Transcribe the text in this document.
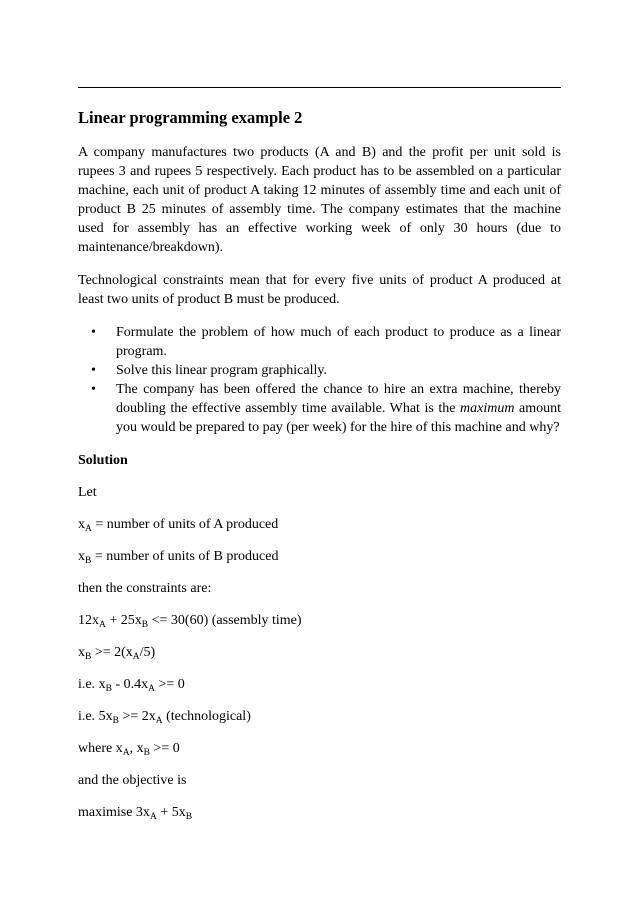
Linear programming example 2

A company manufactures two products (A and B) and the profit per unit sold is rupees 3 and rupees 5 respectively. Each product has to be assembled on a particular machine, each unit of product A taking 12 minutes of assembly time and each unit of product B 25 minutes of assembly time. The company estimates that the machine used for assembly has an effective working week of only 30 hours (due to maintenance/breakdown).

Technological constraints mean that for every five units of product A produced at least two units of product B must be produced.

• Formulate the problem of how much of each product to produce as a linear program.
• Solve this linear program graphically.
• The company has been offered the chance to hire an extra machine, thereby doubling the effective assembly time available. What is the maximum amount you would be prepared to pay (per week) for the hire of this machine and why?
Solution
Let
$x_A$ = number of units of A produced
$x_B$ = number of units of B produced
then the constraints are:
$12x_A + 25x_B <= 30(60)$ (assembly time)
$x_B >= 2(x_A/5)$
i.e. $x_B - 0.4x_A >= 0$
i.e. $5x_B >= 2x_A$ (technological)
where $x_A$, $x_B >= 0$
and the objective is
maximise $3x_A + 5x_B$
